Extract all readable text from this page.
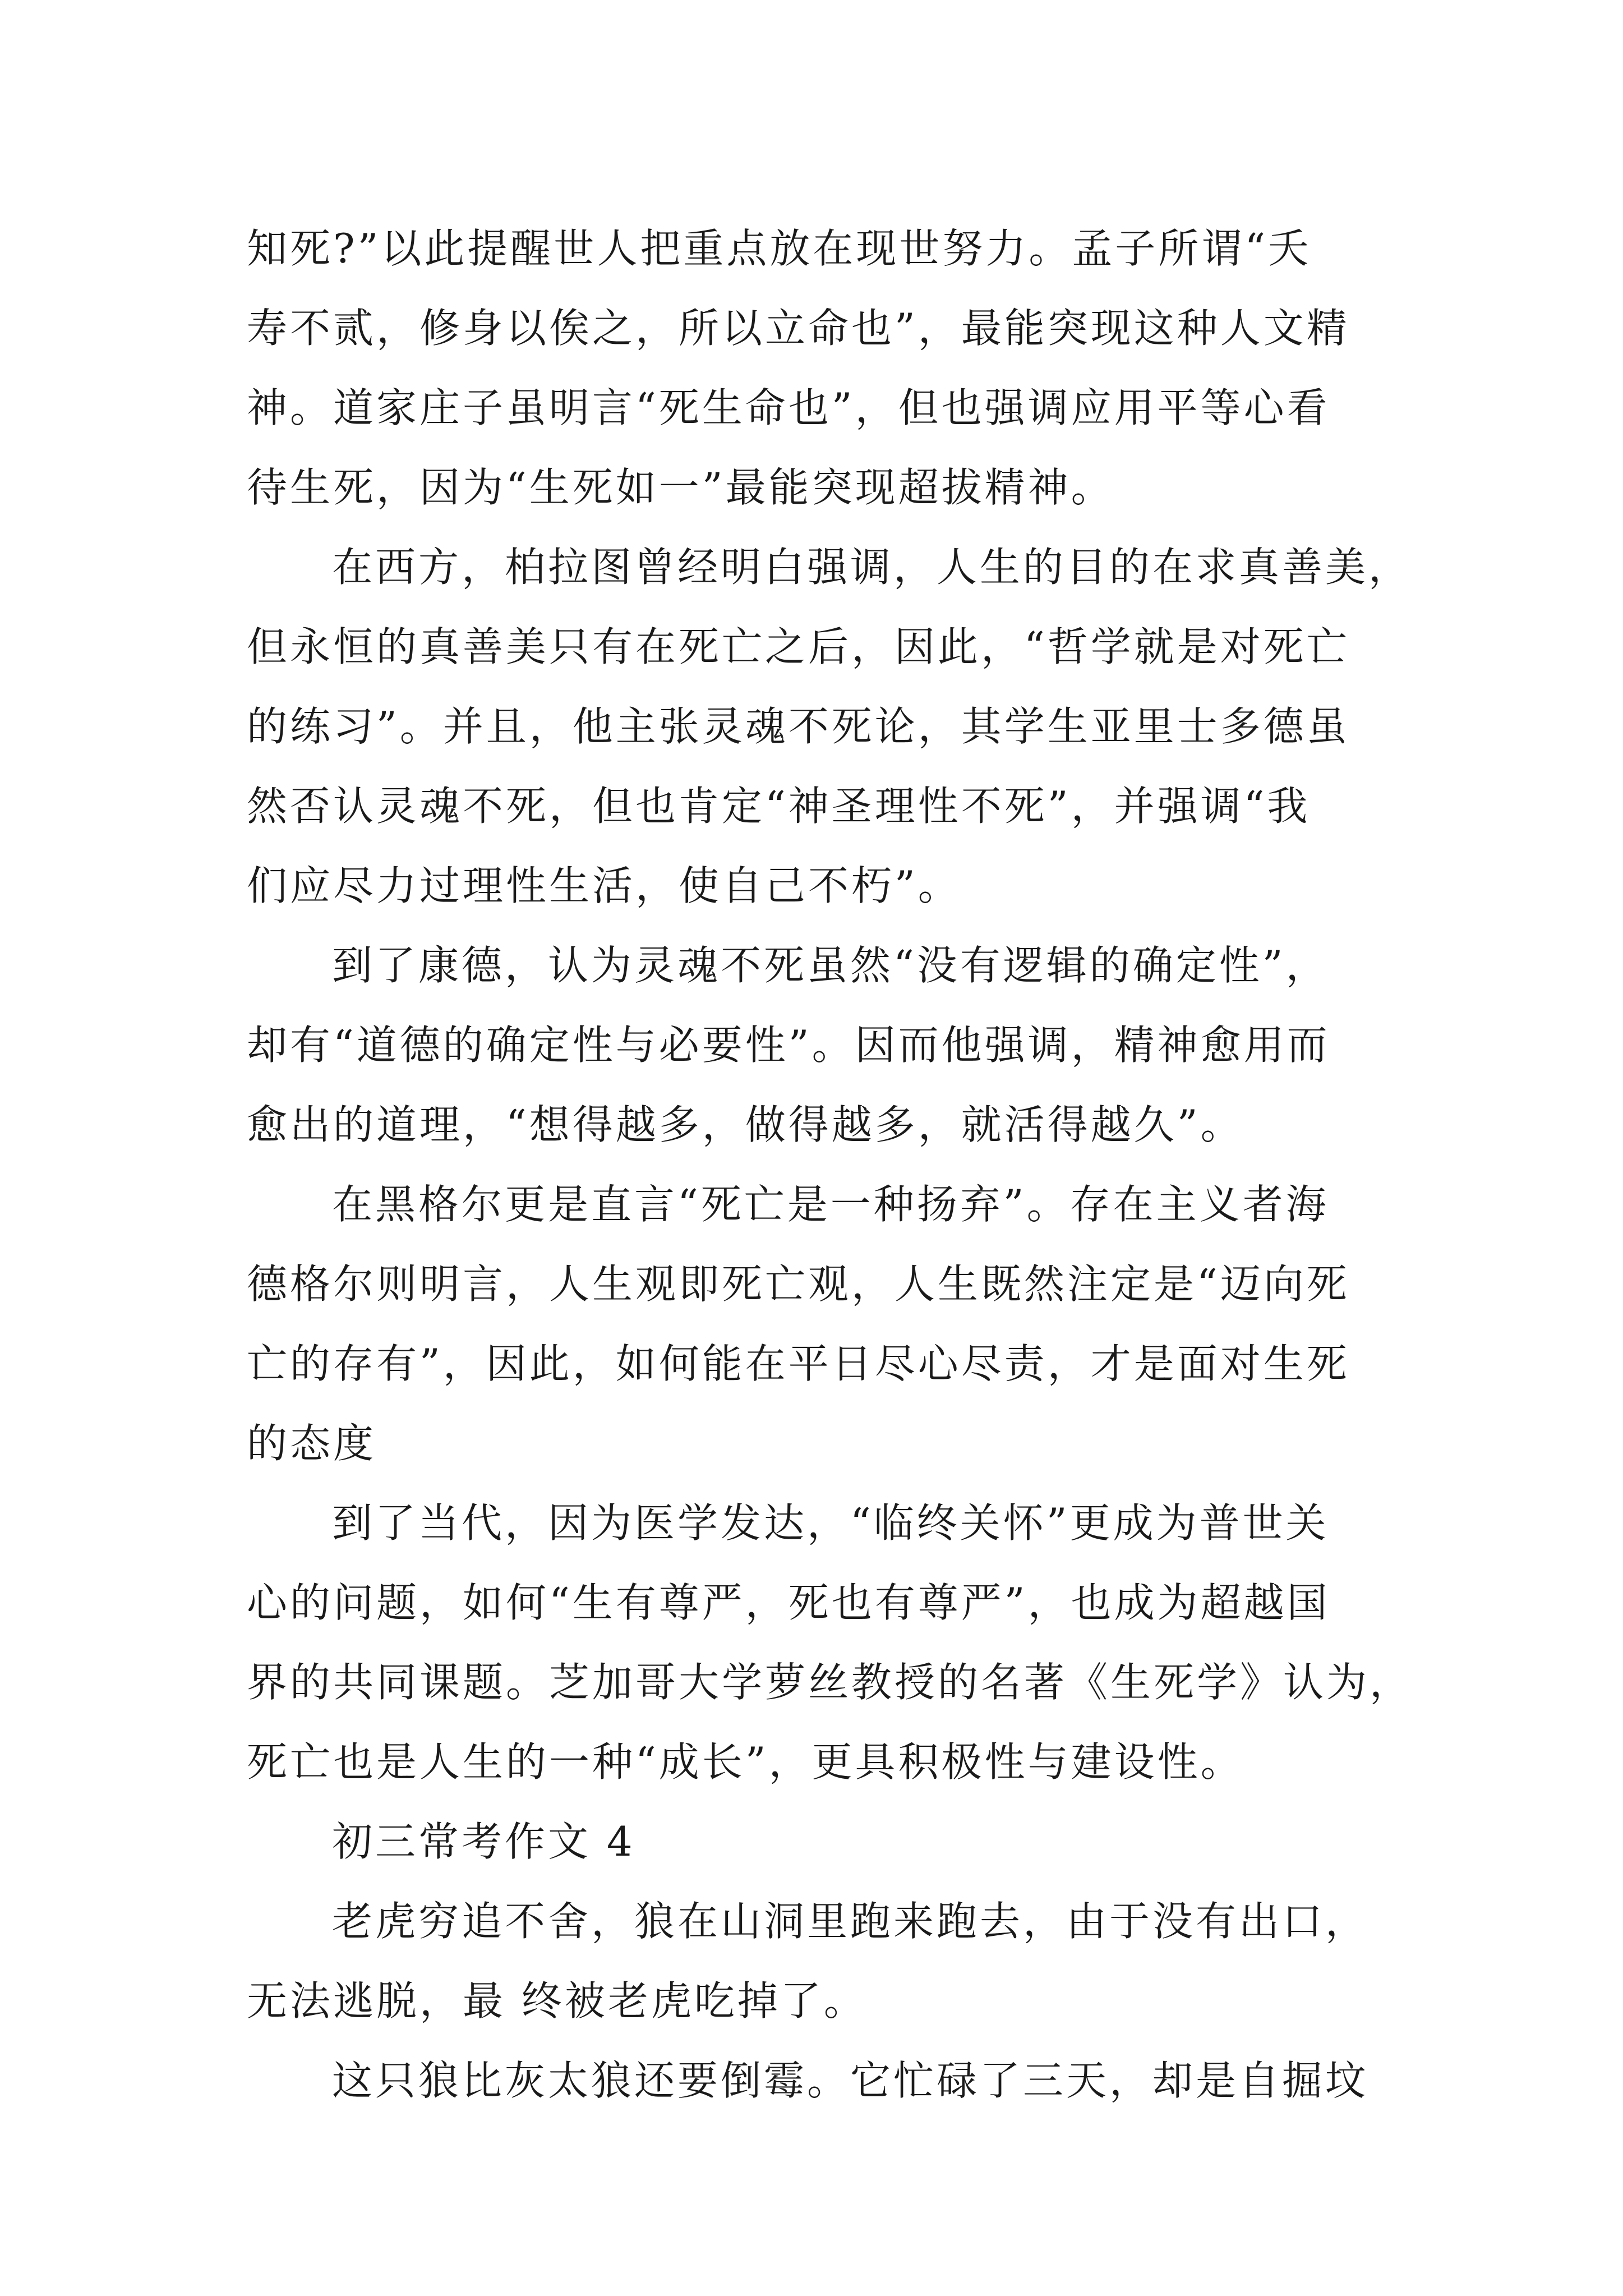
知死?”以此提醒世人把重点放在现世努力。孟子所谓“夭
寿不贰，修身以俟之，所以立命也”，最能突现这种人文精
神。道家庄子虽明言“死生命也”，但也强调应用平等心看
待生死，因为“生死如一”最能突现超拔精神。
在西方，柏拉图曾经明白强调，人生的目的在求真善美，
但永恒的真善美只有在死亡之后，因此，“哲学就是对死亡
的练习”。并且，他主张灵魂不死论，其学生亚里士多德虽
然否认灵魂不死，但也肯定“神圣理性不死”，并强调“我
们应尽力过理性生活，使自己不朽”。
到了康德，认为灵魂不死虽然“没有逻辑的确定性”，
却有“道德的确定性与必要性”。因而他强调，精神愈用而
愈出的道理，“想得越多，做得越多，就活得越久”。
在黑格尔更是直言“死亡是一种扬弃”。存在主义者海
德格尔则明言，人生观即死亡观，人生既然注定是“迈向死
亡的存有”，因此，如何能在平日尽心尽责，才是面对生死
的态度
到了当代，因为医学发达，“临终关怀”更成为普世关
心的问题，如何“生有尊严，死也有尊严”，也成为超越国
界的共同课题。芝加哥大学萝丝教授的名著《生死学》认为，
死亡也是人生的一种“成长”，更具积极性与建设性。
初三常考作文 4
老虎穷追不舍，狼在山洞里跑来跑去，由于没有出口，
无法逃脱，最 终被老虎吃掉了。
这只狼比灰太狼还要倒霉。它忙碌了三天，却是自掘坟
